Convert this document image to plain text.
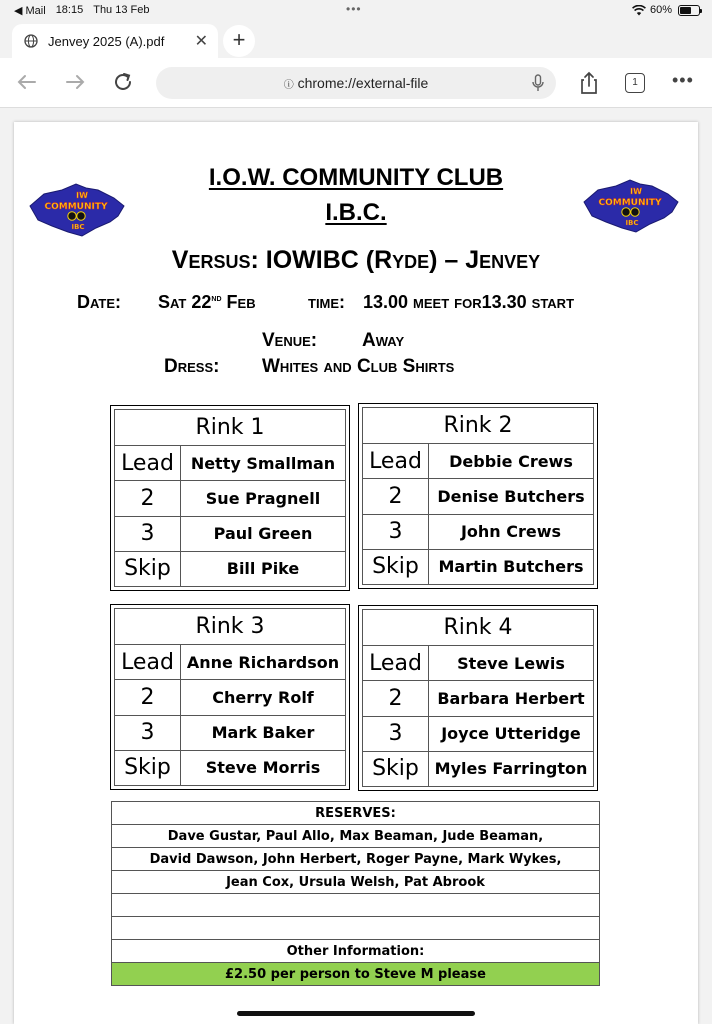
◀ Mail 18:15 Thu 13 Feb	•••	60%
Jenvey 2025 (A).pdf	✕	+
ⓘ chrome://external-file	1	•••
IW
COMMUNITY
IBC
IW
COMMUNITY
IBC
I.O.W. COMMUNITY CLUB
I.B.C.
Versus: IOWIBC (Ryde) – Jenvey
Date: Sat 22nd Feb	time: 13.00 meet for13.30 start
Venue: Away
Dress: Whites and Club Shirts
Rink 1	
Lead	Netty Smallman
2	Sue Pragnell
3	Paul Green
Skip	Bill Pike
Rink 2	
Lead	Debbie Crews
2	Denise Butchers
3	John Crews
Skip	Martin Butchers
Rink 3	
Lead	Anne Richardson
2	Cherry Rolf
3	Mark Baker
Skip	Steve Morris
Rink 4	
Lead	Steve Lewis
2	Barbara Herbert
3	Joyce Utteridge
Skip	Myles Farrington
RESERVES:
Dave Gustar, Paul Allo, Max Beaman, Jude Beaman,
David Dawson, John Herbert, Roger Payne, Mark Wykes,
Jean Cox, Ursula Welsh, Pat Abrook

Other Information:
£2.50 per person to Steve M please
